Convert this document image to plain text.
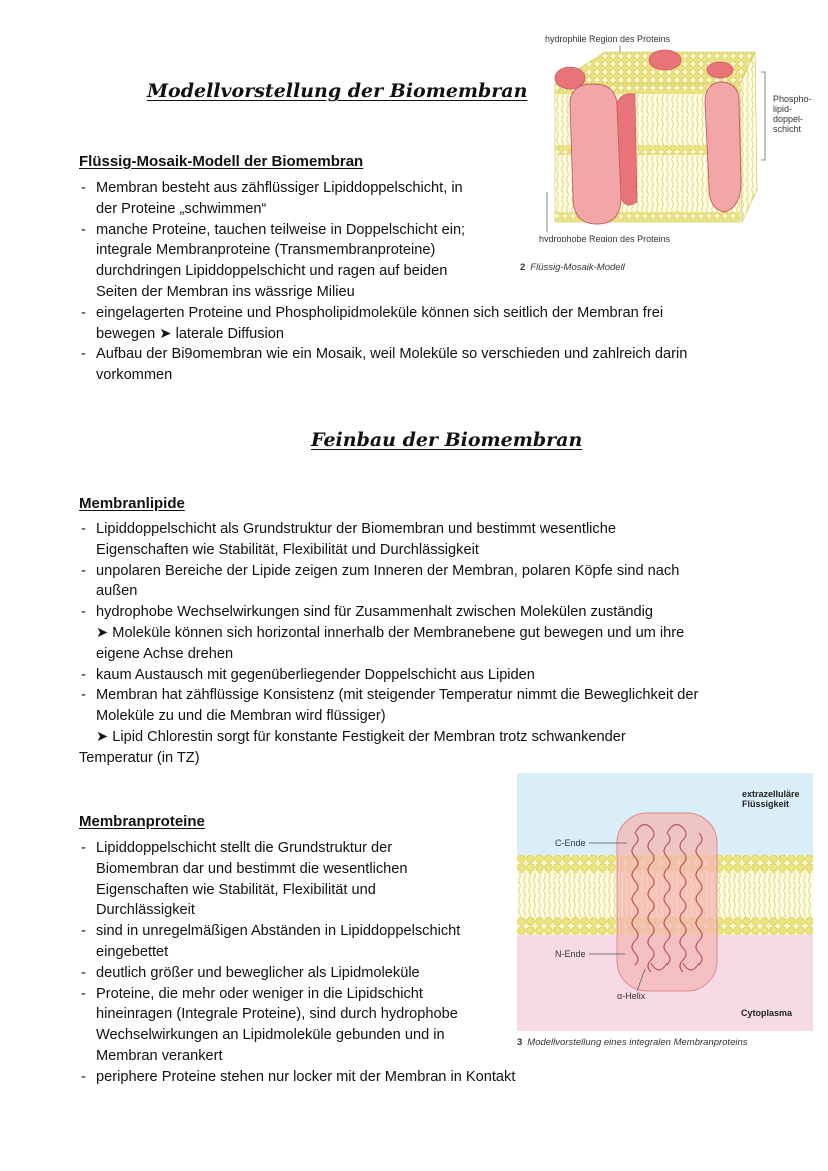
Modellvorstellung der Biomembran
Flüssig-Mosaik-Modell der Biomembran
- Membran besteht aus zähflüssiger Lipiddoppelschicht, in
der Proteine „schwimmen“
- manche Proteine, tauchen teilweise in Doppelschicht ein;
integrale Membranproteine (Transmembranproteine)
durchdringen Lipiddoppelschicht und ragen auf beiden
Seiten der Membran ins wässrige Milieu
- eingelagerten Proteine und Phospholipidmoleküle können sich seitlich der Membran frei
bewegen ➤ laterale Diffusion
- Aufbau der Bi9omembran wie ein Mosaik, weil Moleküle so verschieden und zahlreich darin
vorkommen
hydrophile Region des Proteins
hydrophobe Region des Proteins
Phospho-
lipid-
doppel-
schicht
2 Flüssig-Mosaik-Modell
Feinbau der Biomembran
Membranlipide
- Lipiddoppelschicht als Grundstruktur der Biomembran und bestimmt wesentliche
Eigenschaften wie Stabilität, Flexibilität und Durchlässigkeit
- unpolaren Bereiche der Lipide zeigen zum Inneren der Membran, polaren Köpfe sind nach
außen
- hydrophobe Wechselwirkungen sind für Zusammenhalt zwischen Molekülen zuständig
➤ Moleküle können sich horizontal innerhalb der Membranebene gut bewegen und um ihre
eigene Achse drehen
- kaum Austausch mit gegenüberliegender Doppelschicht aus Lipiden
- Membran hat zähflüssige Konsistenz (mit steigender Temperatur nimmt die Beweglichkeit der
Moleküle zu und die Membran wird flüssiger)
➤ Lipid Chlorestin sorgt für konstante Festigkeit der Membran trotz schwankender
Temperatur (in TZ)
extrazelluläre
Flüssigkeit
C-Ende
N-Ende
α-Helix
Cytoplasma
3 Modellvorstellung eines integralen Membranproteins
Membranproteine
- Lipiddoppelschicht stellt die Grundstruktur der
Biomembran dar und bestimmt die wesentlichen
Eigenschaften wie Stabilität, Flexibilität und
Durchlässigkeit
- sind in unregelmäßigen Abständen in Lipiddoppelschicht
eingebettet
- deutlich größer und beweglicher als Lipidmoleküle
- Proteine, die mehr oder weniger in die Lipidschicht
hineinragen (Integrale Proteine), sind durch hydrophobe
Wechselwirkungen an Lipidmoleküle gebunden und in
Membran verankert
- periphere Proteine stehen nur locker mit der Membran in Kontakt
